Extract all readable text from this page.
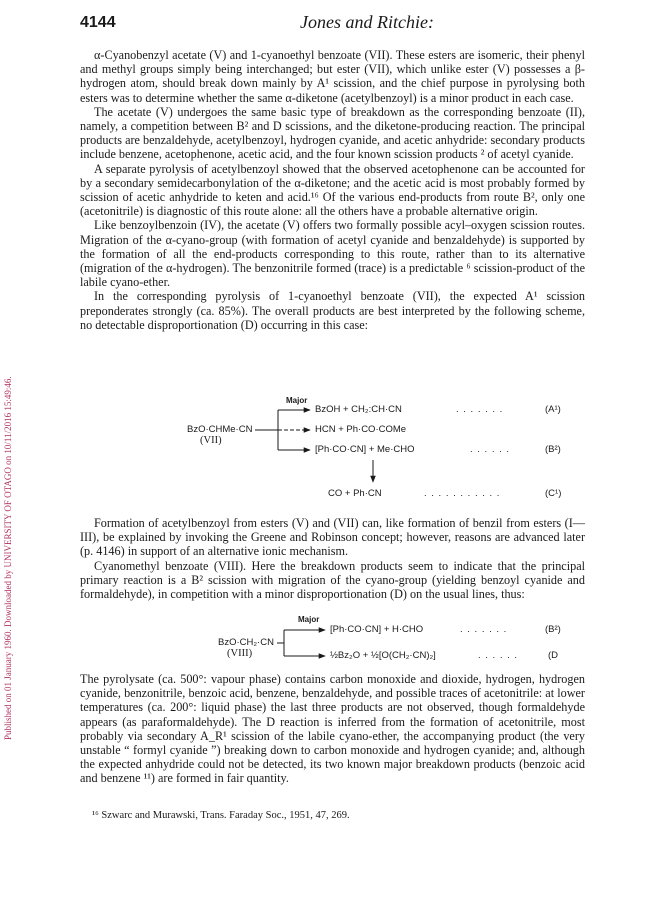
Published on 01 January 1960. Downloaded by UNIVERSITY OF OTAGO on 10/11/2016 15:49:46.
4144	Jones and Ritchie:

α-Cyanobenzyl acetate (V) and 1-cyanoethyl benzoate (VII). These esters are isomeric, their phenyl and methyl groups simply being interchanged; but ester (VII), which unlike ester (V) possesses a β-hydrogen atom, should break down mainly by A¹ scission, and the chief purpose in pyrolysing both esters was to determine whether the same α-diketone (acetylbenzoyl) is a minor product in each case.

The acetate (V) undergoes the same basic type of breakdown as the corresponding benzoate (II), namely, a competition between B² and D scissions, and the diketone-producing reaction. The principal products are benzaldehyde, acetylbenzoyl, hydrogen cyanide, and acetic anhydride: secondary products include benzene, acetophenone, acetic acid, and the four known scission products ² of acetyl cyanide.

A separate pyrolysis of acetylbenzoyl showed that the observed acetophenone can be accounted for by a secondary semidecarbonylation of the α-diketone; and the acetic acid is most probably formed by scission of acetic anhydride to keten and acid.¹⁶ Of the various end-products from route B², only one (acetonitrile) is diagnostic of this route alone: all the others have a probable alternative origin.

Like benzoylbenzoin (IV), the acetate (V) offers two formally possible acyl–oxygen scission routes. Migration of the α-cyano-group (with formation of acetyl cyanide and benzaldehyde) is supported by the formation of all the end-products corresponding to this route, rather than to its alternative (migration of the α-hydrogen). The benzonitrile formed (trace) is a predictable ⁶ scission-product of the labile cyano-ether.

In the corresponding pyrolysis of 1-cyanoethyl benzoate (VII), the expected A¹ scission preponderates strongly (ca. 85%). The overall products are best interpreted by the following scheme, no detectable disproportionation (D) occurring in this case:

Major
BzO·CHMe·CN
(VII)
BzOH + CH₂:CH·CN	. . . . . . .	(A¹)
HCN + Ph·CO·COMe
[Ph·CO·CN] + Me·CHO	. . . . . .	(B²)
CO + Ph·CN	. . . . . . . . . . .	(C¹)

Formation of acetylbenzoyl from esters (V) and (VII) can, like formation of benzil from esters (I—III), be explained by invoking the Greene and Robinson concept; however, reasons are advanced later (p. 4146) in support of an alternative ionic mechanism.

Cyanomethyl benzoate (VIII). Here the breakdown products seem to indicate that the principal primary reaction is a B² scission with migration of the cyano-group (yielding benzoyl cyanide and formaldehyde), in competition with a minor disproportionation (D) on the usual lines, thus:

Major
BzO·CH₂·CN
(VIII)
[Ph·CO·CN] + H·CHO	. . . . . . .	(B²)
½Bz₂O + ½[O(CH₂·CN)₂]	. . . . . .	(D

The pyrolysate (ca. 500°: vapour phase) contains carbon monoxide and dioxide, hydrogen, hydrogen cyanide, benzonitrile, benzoic acid, benzene, benzaldehyde, and possible traces of acetonitrile: at lower temperatures (ca. 200°: liquid phase) the last three products are not observed, though formaldehyde appears (as paraformaldehyde). The D reaction is inferred from the formation of acetonitrile, most probably via secondary A_R¹ scission of the labile cyano-ether, the accompanying product (the very unstable “ formyl cyanide ”) breaking down to carbon monoxide and hydrogen cyanide; and, although the expected anhydride could not be detected, its two known major breakdown products (benzoic acid and benzene ¹¹) are formed in fair quantity.

¹⁶ Szwarc and Murawski, Trans. Faraday Soc., 1951, 47, 269.
